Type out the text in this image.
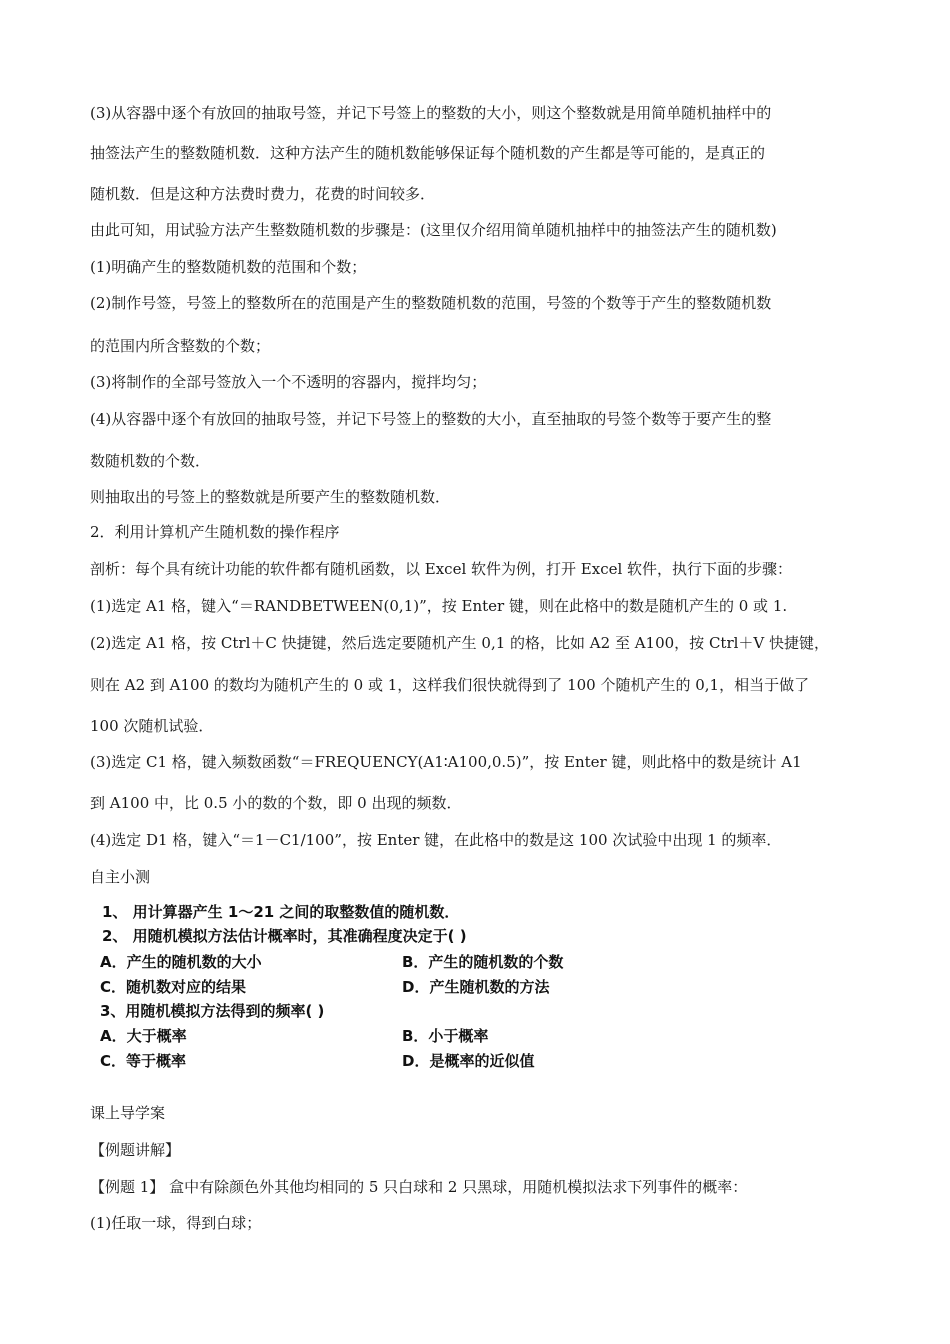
(3)从容器中逐个有放回的抽取号签，并记下号签上的整数的大小，则这个整数就是用简单随机抽样中的
抽签法产生的整数随机数．这种方法产生的随机数能够保证每个随机数的产生都是等可能的，是真正的
随机数．但是这种方法费时费力，花费的时间较多．
由此可知，用试验方法产生整数随机数的步骤是：(这里仅介绍用简单随机抽样中的抽签法产生的随机数)
(1)明确产生的整数随机数的范围和个数；
(2)制作号签，号签上的整数所在的范围是产生的整数随机数的范围，号签的个数等于产生的整数随机数
的范围内所含整数的个数；
(3)将制作的全部号签放入一个不透明的容器内，搅拌均匀；
(4)从容器中逐个有放回的抽取号签，并记下号签上的整数的大小，直至抽取的号签个数等于要产生的整
数随机数的个数．
则抽取出的号签上的整数就是所要产生的整数随机数．
2．利用计算机产生随机数的操作程序
剖析：每个具有统计功能的软件都有随机函数，以 Excel 软件为例，打开 Excel 软件，执行下面的步骤：
(1)选定 A1 格，键入“＝RANDBETWEEN(0,1)”，按 Enter 键，则在此格中的数是随机产生的 0 或 1.
(2)选定 A1 格，按 Ctrl＋C 快捷键，然后选定要随机产生 0,1 的格，比如 A2 至 A100，按 Ctrl＋V 快捷键，
则在 A2 到 A100 的数均为随机产生的 0 或 1，这样我们很快就得到了 100 个随机产生的 0,1，相当于做了
100 次随机试验．
(3)选定 C1 格，键入频数函数“＝FREQUENCY(A1∶A100,0.5)”，按 Enter 键，则此格中的数是统计 A1
到 A100 中，比 0.5 小的数的个数，即 0 出现的频数．
(4)选定 D1 格，键入“＝1－C1/100”，按 Enter 键，在此格中的数是这 100 次试验中出现 1 的频率．
自主小测
1、 用计算器产生 1～21 之间的取整数值的随机数．
2、 用随机模拟方法估计概率时，其准确程度决定于( )
A．产生的随机数的大小	B．产生的随机数的个数
C．随机数对应的结果	D．产生随机数的方法
3、用随机模拟方法得到的频率( )
A．大于概率	B．小于概率
C．等于概率	D．是概率的近似值
课上导学案
【例题讲解】
【例题 1】 盒中有除颜色外其他均相同的 5 只白球和 2 只黑球，用随机模拟法求下列事件的概率：
(1)任取一球，得到白球；
